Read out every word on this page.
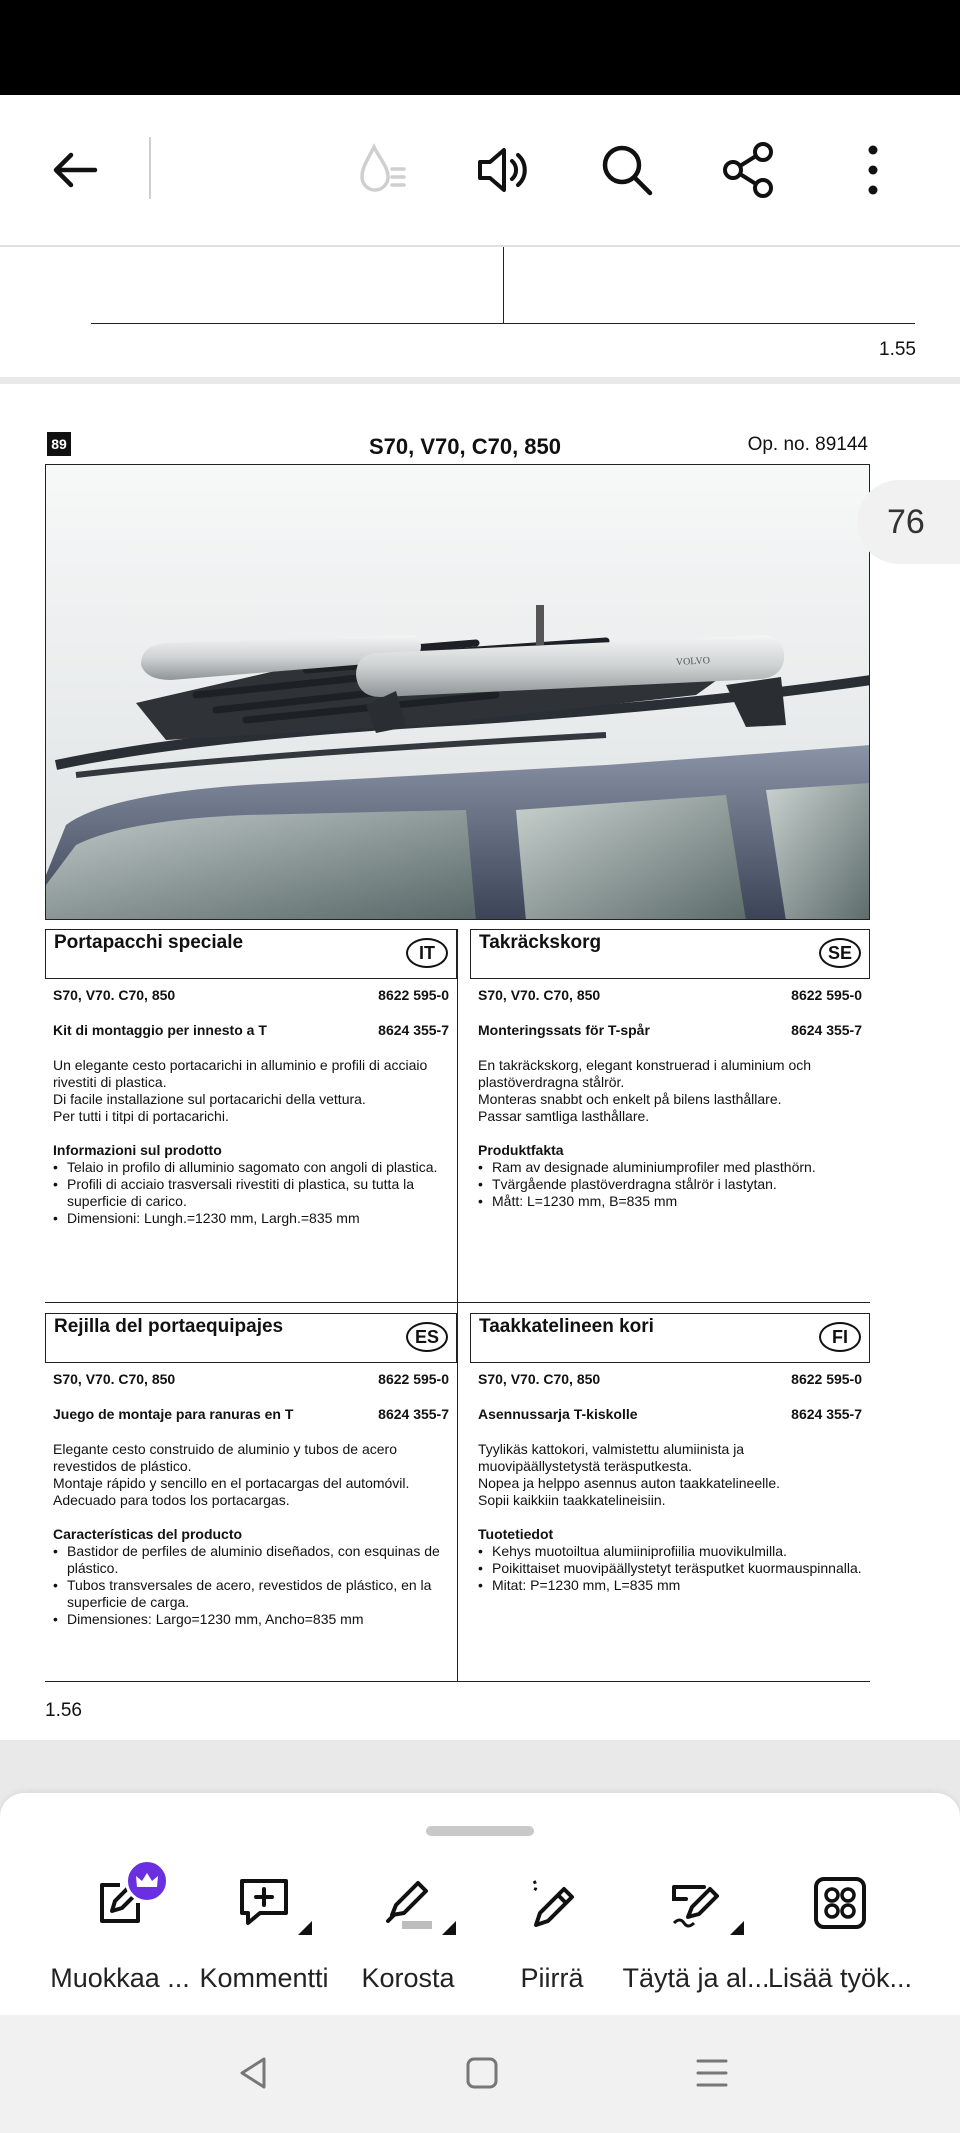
1.55
89	S70, V70, C70, 850	Op. no. 89144
VOLVO
Portapacchi speciale	IT
S70, V70. C70, 850	8622 595-0
Kit di montaggio per innesto a T	8624 355-7
Un elegante cesto portacarichi in alluminio e profili di acciaio rivestiti di plastica.
Di facile installazione sul portacarichi della vettura.
Per tutti i titpi di portacarichi.
Informazioni sul prodotto
• Telaio in profilo di alluminio sagomato con angoli di plastica.
• Profili di acciaio trasversali rivestiti di plastica, su tutta la superficie di carico.
• Dimensioni: Lungh.=1230 mm, Largh.=835 mm
Takräckskorg	SE
S70, V70. C70, 850	8622 595-0
Monteringssats för T-spår	8624 355-7
En takräckskorg, elegant konstruerad i aluminium och plastöverdragna stålrör.
Monteras snabbt och enkelt på bilens lasthållare.
Passar samtliga lasthållare.
Produktfakta
• Ram av designade aluminiumprofiler med plasthörn.
• Tvärgående plastöverdragna stålrör i lastytan.
• Mått: L=1230 mm, B=835 mm
Rejilla del portaequipajes	ES
S70, V70. C70, 850	8622 595-0
Juego de montaje para ranuras en T	8624 355-7
Elegante cesto construido de aluminio y tubos de acero revestidos de plástico.
Montaje rápido y sencillo en el portacargas del automóvil.
Adecuado para todos los portacargas.
Características del producto
• Bastidor de perfiles de aluminio diseñados, con esquinas de plástico.
• Tubos transversales de acero, revestidos de plástico, en la superficie de carga.
• Dimensiones: Largo=1230 mm, Ancho=835 mm
Taakkatelineen kori	FI
S70, V70. C70, 850	8622 595-0
Asennussarja T-kiskolle	8624 355-7
Tyylikäs kattokori, valmistettu alumiinista ja muovipäällystetystä teräsputkesta.
Nopea ja helppo asennus auton taakkatelineelle.
Sopii kaikkiin taakkatelineisiin.
Tuotetiedot
• Kehys muotoiltua alumiiniprofiilia muovikulmilla.
• Poikittaiset muovipäällystetyt teräsputket kuormauspinnalla.
• Mitat: P=1230 mm, L=835 mm
1.56
76
Muokkaa ... Kommentti	Korosta	Piirrä	Täytä ja al...
Lisää työk...
